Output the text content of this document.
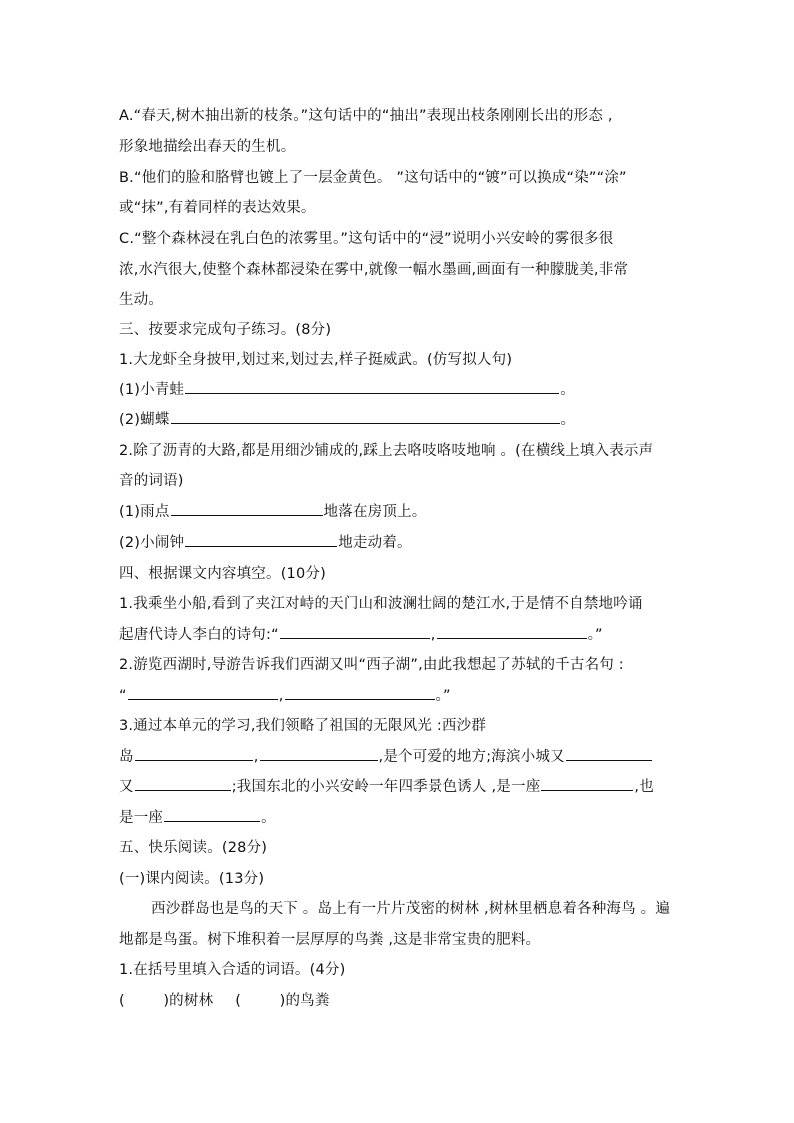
A.“春天,树木抽出新的枝条。”这句话中的“抽出”表现出枝条刚刚长出的形态 ,
形象地描绘出春天的生机。
B.“他们的脸和胳臂也镀上了一层金黄色。 ”这句话中的“镀”可以换成“染”“涂”
或“抹”,有着同样的表达效果。
C.“整个森林浸在乳白色的浓雾里。”这句话中的“浸”说明小兴安岭的雾很多很
浓,水汽很大,使整个森林都浸染在雾中,就像一幅水墨画,画面有一种朦胧美,非常
生动。
三、按要求完成句子练习。(8分)
1.大龙虾全身披甲,划过来,划过去,样子挺威武。(仿写拟人句)
(1)小青蛙	。
(2)蝴蝶	。
2.除了沥青的大路,都是用细沙铺成的,踩上去咯吱咯吱地响 。(在横线上填入表示声
音的词语)
(1)雨点	地落在房顶上。
(2)小闹钟	地走动着。
四、根据课文内容填空。(10分)
1.我乘坐小船,看到了夹江对峙的天门山和波澜壮阔的楚江水,于是情不自禁地吟诵
起唐代诗人李白的诗句:“	,	。”
2.游览西湖时,导游告诉我们西湖又叫“西子湖”,由此我想起了苏轼的千古名句 :
“	,	。”
3.通过本单元的学习,我们领略了祖国的无限风光 :西沙群
岛	,	,是个可爱的地方;海滨小城又
又	;我国东北的小兴安岭一年四季景色诱人 ,是一座	,也
是一座	。
五、快乐阅读。(28分)
(一)课内阅读。(13分)
西沙群岛也是鸟的天下 。岛上有一片片茂密的树林 ,树林里栖息着各种海鸟 。遍
地都是鸟蛋。树下堆积着一层厚厚的鸟粪 ,这是非常宝贵的肥料。
1.在括号里填入合适的词语。(4分)
(        )的树林 (        )的鸟粪
